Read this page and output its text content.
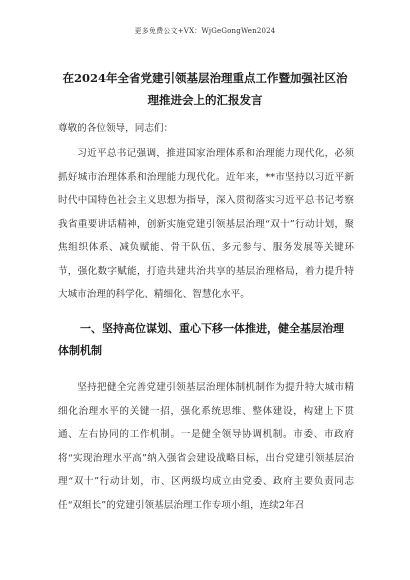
更多免费公文+VX：WjGeGongWen2024
在2024年全省党建引领基层治理重点工作暨加强社区治理推进会上的汇报发言
尊敬的各位领导，同志们：
习近平总书记强调，推进国家治理体系和治理能力现代化，必须抓好城市治理体系和治理能力现代化。近年来，**市坚持以习近平新时代中国特色社会主义思想为指导，深入贯彻落实习近平总书记考察我省重要讲话精神，创新实施党建引领基层治理“双十”行动计划，聚焦组织体系、减负赋能、骨干队伍、多元参与、服务发展等关键环节，强化数字赋能，打造共建共治共享的基层治理格局，着力提升特大城市治理的科学化、精细化、智慧化水平。
一、坚持高位谋划、重心下移一体推进，健全基层治理体制机制
坚持把健全完善党建引领基层治理体制机制作为提升特大城市精细化治理水平的关键一招，强化系统思维、整体建设，构建上下贯通、左右协同的工作机制。一是健全领导协调机制。市委、市政府将“实现治理水平高”纳入强省会建设战略目标，出台党建引领基层治理“双十”行动计划，市、区两级均成立由党委、政府主要负责同志任“双组长”的党建引领基层治理工作专项小组，连续2年召
